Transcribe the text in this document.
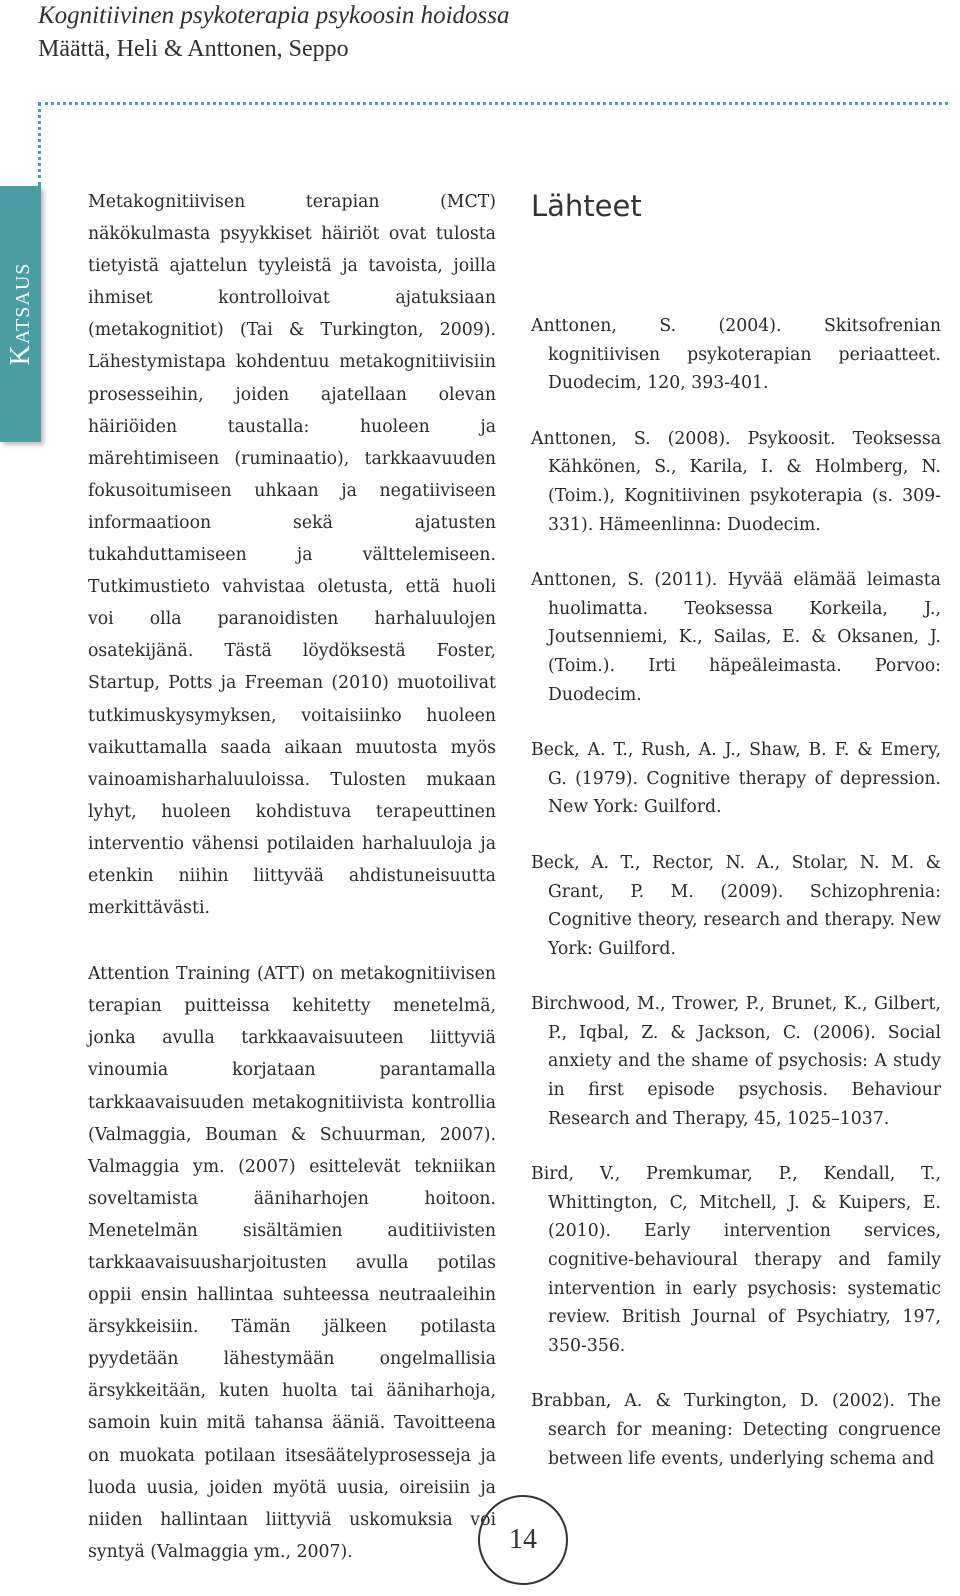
Kognitiivinen psykoterapia psykoosin hoidossa
Määttä, Heli & Anttonen, Seppo
Katsaus

Metakognitiivisen terapian (MCT) näkökulmasta psyykkiset häiriöt ovat tulosta tietyistä ajattelun tyyleistä ja tavoista, joilla ihmiset kontrolloivat ajatuksiaan (metakognitiot) (Tai & Turkington, 2009). Lähestymistapa kohdentuu metakognitiivisiin prosesseihin, joiden ajatellaan olevan häiriöiden taustalla: huoleen ja märehtimiseen (ruminaatio), tarkkaavuuden fokusoitumiseen uhkaan ja negatiiviseen informaatioon sekä ajatusten tukahduttamiseen ja välttelemiseen. Tutkimustieto vahvistaa oletusta, että huoli voi olla paranoidisten harhaluulojen osatekijänä. Tästä löydöksestä Foster, Startup, Potts ja Freeman (2010) muotoilivat tutkimuskysymyksen, voitaisiinko huoleen vaikuttamalla saada aikaan muutosta myös vainoamisharhaluuloissa. Tulosten mukaan lyhyt, huoleen kohdistuva terapeuttinen interventio vähensi potilaiden harhaluuloja ja etenkin niihin liittyvää ahdistuneisuutta merkittävästi.

Attention Training (ATT) on metakognitiivisen terapian puitteissa kehitetty menetelmä, jonka avulla tarkkaavaisuuteen liittyviä vinoumia korjataan parantamalla tarkkaavaisuuden metakognitiivista kontrollia (Valmaggia, Bouman & Schuurman, 2007). Valmaggia ym. (2007) esittelevät tekniikan soveltamista ääniharhojen hoitoon. Menetelmän sisältämien auditiivisten tarkkaavaisuusharjoitusten avulla potilas oppii ensin hallintaa suhteessa neutraaleihin ärsykkeisiin. Tämän jälkeen potilasta pyydetään lähestymään ongelmallisia ärsykkeitään, kuten huolta tai ääniharhoja, samoin kuin mitä tahansa ääniä. Tavoitteena on muokata potilaan itsesäätelyprosesseja ja luoda uusia, joiden myötä uusia, oireisiin ja niiden hallintaan liittyviä uskomuksia voi syntyä (Valmaggia ym., 2007).

Lähteet

Anttonen, S. (2004). Skitsofrenian kognitiivisen psykoterapian periaatteet. Duodecim, 120, 393-401.

Anttonen, S. (2008). Psykoosit. Teoksessa Kähkönen, S., Karila, I. & Holmberg, N. (Toim.), Kognitiivinen psykoterapia (s. 309-331). Hämeenlinna: Duodecim.

Anttonen, S. (2011). Hyvää elämää leimasta huolimatta. Teoksessa Korkeila, J., Joutsenniemi, K., Sailas, E. & Oksanen, J. (Toim.). Irti häpeäleimasta. Porvoo: Duodecim.

Beck, A. T., Rush, A. J., Shaw, B. F. & Emery, G. (1979). Cognitive therapy of depression. New York: Guilford.

Beck, A. T., Rector, N. A., Stolar, N. M. & Grant, P. M. (2009). Schizophrenia: Cognitive theory, research and therapy. New York: Guilford.

Birchwood, M., Trower, P., Brunet, K., Gilbert, P., Iqbal, Z. & Jackson, C. (2006). Social anxiety and the shame of psychosis: A study in first episode psychosis. Behaviour Research and Therapy, 45, 1025–1037.

Bird, V., Premkumar, P., Kendall, T., Whittington, C, Mitchell, J. & Kuipers, E. (2010). Early intervention services, cognitive-behavioural therapy and family intervention in early psychosis: systematic review. British Journal of Psychiatry, 197, 350-356.

Brabban, A. & Turkington, D. (2002). The search for meaning: Detecting congruence between life events, underlying schema and

14
